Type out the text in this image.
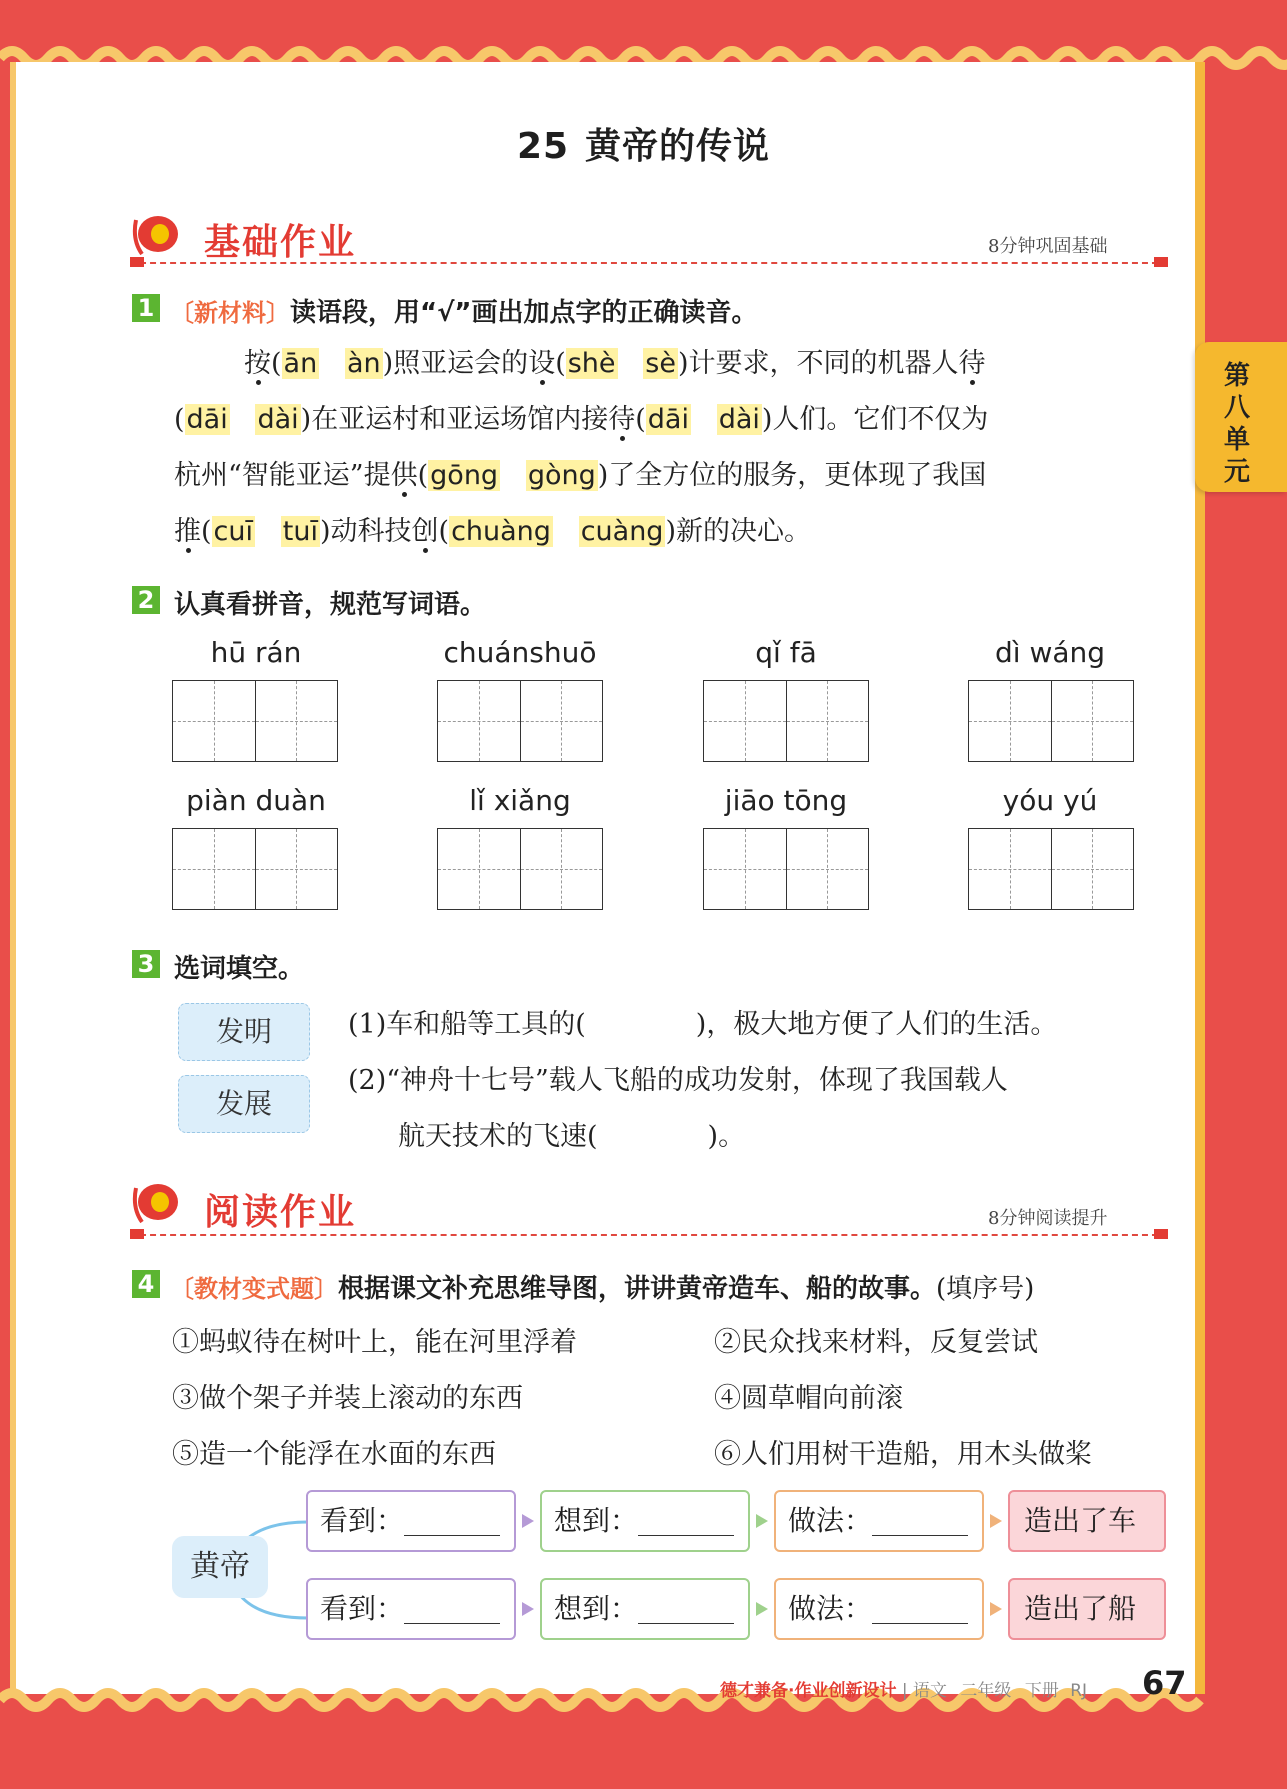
第八单元
25 黄帝的传说
基础作业	8分钟巩固基础
1 〔新材料〕读语段，用“√”画出加点字的正确读音。
按(ān àn)照亚运会的设(shè sè)计要求，不同的机器人待
(dāi dài)在亚运村和亚运场馆内接待(dāi dài)人们。它们不仅为
杭州“智能亚运”提供(gōng gòng)了全方位的服务，更体现了我国
推(cuī tuī)动科技创(chuàng cuàng)新的决心。
2 认真看拼音，规范写词语。
hū rán	chuánshuō	qǐ fā	dì wáng
piàn duàn	lǐ xiǎng	jiāo tōng	yóu yú
3 选词填空。
发明
发展
(1)车和船等工具的(	)，极大地方便了人们的生活。
(2)“神舟十七号”载人飞船的成功发射，体现了我国载人
航天技术的飞速(	)。
阅读作业	8分钟阅读提升
4 〔教材变式题〕根据课文补充思维导图，讲讲黄帝造车、船的故事。(填序号)
①蚂蚁待在树叶上，能在河里浮着	②民众找来材料，反复尝试
③做个架子并装上滚动的东西	④圆草帽向前滚
⑤造一个能浮在水面的东西	⑥人们用树干造船，用木头做桨
黄帝
看到：	想到：	做法：	造出了车
看到：	想到：	做法：	造出了船
德才兼备·作业创新设计 | 语文 二年级 下册 RJ 67
